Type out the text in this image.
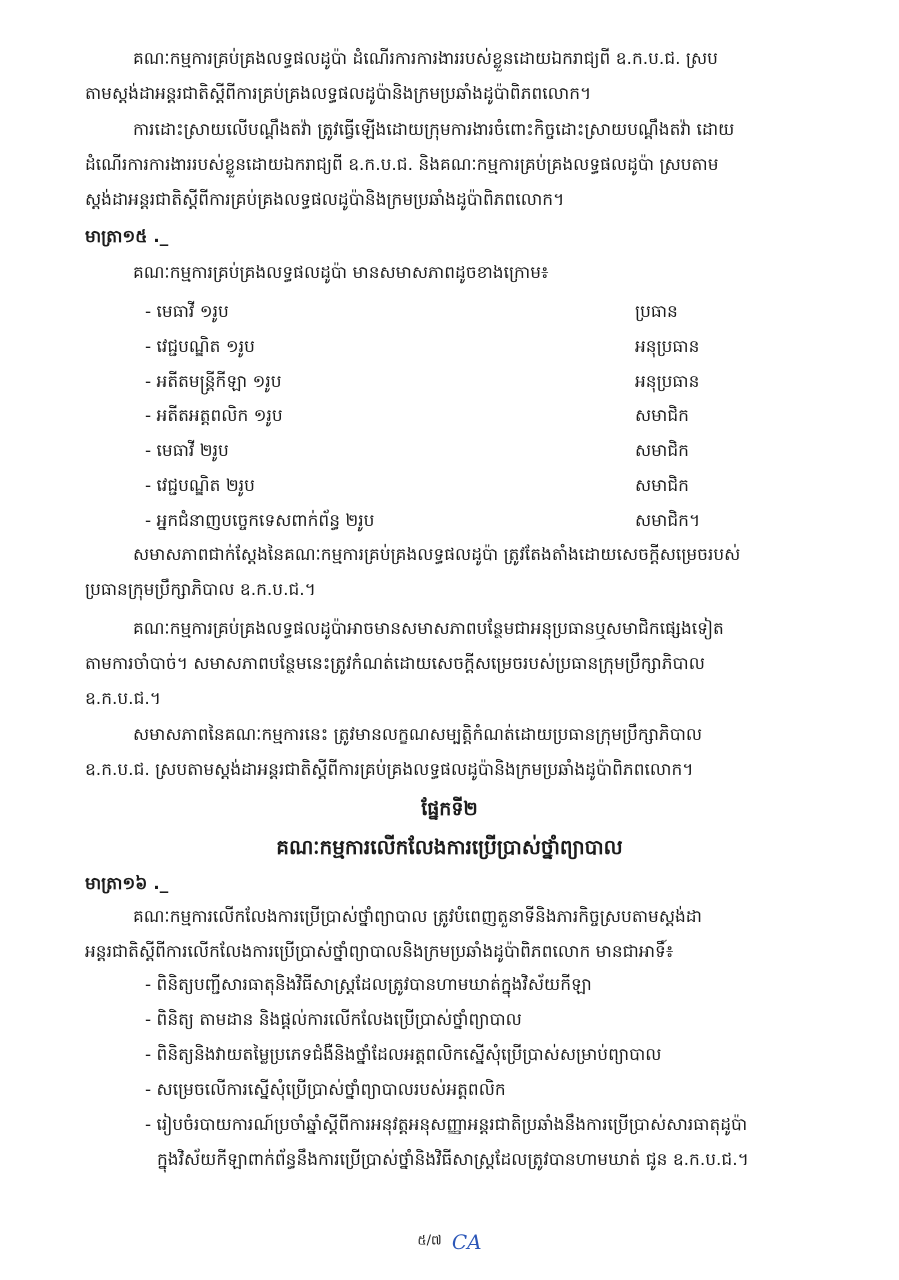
គណៈកម្មការគ្រប់គ្រងលទ្ធផលដូប៉ា ដំណើរការការងាររបស់ខ្លួនដោយឯករាជ្យពី ឧ.ក.ប.ជ. ស្រប
តាមស្តង់ដាអន្តរជាតិស្តីពីការគ្រប់គ្រងលទ្ធផលដូប៉ានិងក្រមប្រឆាំងដូប៉ាពិភពលោក។

ការដោះស្រាយលើបណ្តឹងតវ៉ា ត្រូវធ្វើឡើងដោយក្រុមការងារចំពោះកិច្ចដោះស្រាយបណ្តឹងតវ៉ា ដោយ
ដំណើរការការងាររបស់ខ្លួនដោយឯករាជ្យពី ឧ.ក.ប.ជ. និងគណៈកម្មការគ្រប់គ្រងលទ្ធផលដូប៉ា ស្របតាម
ស្តង់ដាអន្តរជាតិស្តីពីការគ្រប់គ្រងលទ្ធផលដូប៉ានិងក្រមប្រឆាំងដូប៉ាពិភពលោក។

មាត្រា១៥ ._

គណៈកម្មការគ្រប់គ្រងលទ្ធផលដូប៉ា មានសមាសភាពដូចខាងក្រោម៖

- មេធាវី ១រូប	ប្រធាន
- វេជ្ជបណ្ឌិត ១រូប	អនុប្រធាន
- អតីតមន្ត្រីកីឡា ១រូប	អនុប្រធាន
- អតីតអត្តពលិក ១រូប	សមាជិក
- មេធាវី ២រូប	សមាជិក
- វេជ្ជបណ្ឌិត ២រូប	សមាជិក
- អ្នកជំនាញបច្ចេកទេសពាក់ព័ន្ធ ២រូប	សមាជិក។

សមាសភាពជាក់ស្តែងនៃគណៈកម្មការគ្រប់គ្រងលទ្ធផលដូប៉ា ត្រូវតែងតាំងដោយសេចក្តីសម្រេចរបស់
ប្រធានក្រុមប្រឹក្សាភិបាល ឧ.ក.ប.ជ.។

គណៈកម្មការគ្រប់គ្រងលទ្ធផលដូប៉ាអាចមានសមាសភាពបន្ថែមជាអនុប្រធានឬសមាជិកផ្សេងទៀត
តាមការចាំបាច់។ សមាសភាពបន្ថែមនេះត្រូវកំណត់ដោយសេចក្តីសម្រេចរបស់ប្រធានក្រុមប្រឹក្សាភិបាល
ឧ.ក.ប.ជ.។

សមាសភាពនៃគណៈកម្មការនេះ ត្រូវមានលក្ខណសម្បត្តិកំណត់ដោយប្រធានក្រុមប្រឹក្សាភិបាល
ឧ.ក.ប.ជ. ស្របតាមស្តង់ដាអន្តរជាតិស្តីពីការគ្រប់គ្រងលទ្ធផលដូប៉ានិងក្រមប្រឆាំងដូប៉ាពិភពលោក។

ផ្នែកទី២

គណៈកម្មការលើកលែងការប្រើប្រាស់ថ្នាំព្យាបាល

មាត្រា១៦ ._

គណៈកម្មការលើកលែងការប្រើប្រាស់ថ្នាំព្យាបាល ត្រូវបំពេញតួនាទីនិងភារកិច្ចស្របតាមស្តង់ដា
អន្តរជាតិស្តីពីការលើកលែងការប្រើប្រាស់ថ្នាំព្យាបាលនិងក្រមប្រឆាំងដូប៉ាពិភពលោក មានជាអាទិ៍៖

- ពិនិត្យបញ្ជីសារធាតុនិងវិធីសាស្ត្រដែលត្រូវបានហាមឃាត់ក្នុងវិស័យកីឡា
- ពិនិត្យ តាមដាន និងផ្តល់ការលើកលែងប្រើប្រាស់ថ្នាំព្យាបាល
- ពិនិត្យនិងវាយតម្លៃប្រភេទជំងឺនិងថ្នាំដែលអត្តពលិកស្នើសុំប្រើប្រាស់សម្រាប់ព្យាបាល
- សម្រេចលើការស្នើសុំប្រើប្រាស់ថ្នាំព្យាបាលរបស់អត្តពលិក
- រៀបចំរបាយការណ៍ប្រចាំឆ្នាំស្តីពីការអនុវត្តអនុសញ្ញាអន្តរជាតិប្រឆាំងនឹងការប្រើប្រាស់សារធាតុដូប៉ា
ក្នុងវិស័យកីឡាពាក់ព័ន្ធនឹងការប្រើប្រាស់ថ្នាំនិងវិធីសាស្ត្រដែលត្រូវបានហាមឃាត់ ជូន ឧ.ក.ប.ជ.។
៥/៧ CA
